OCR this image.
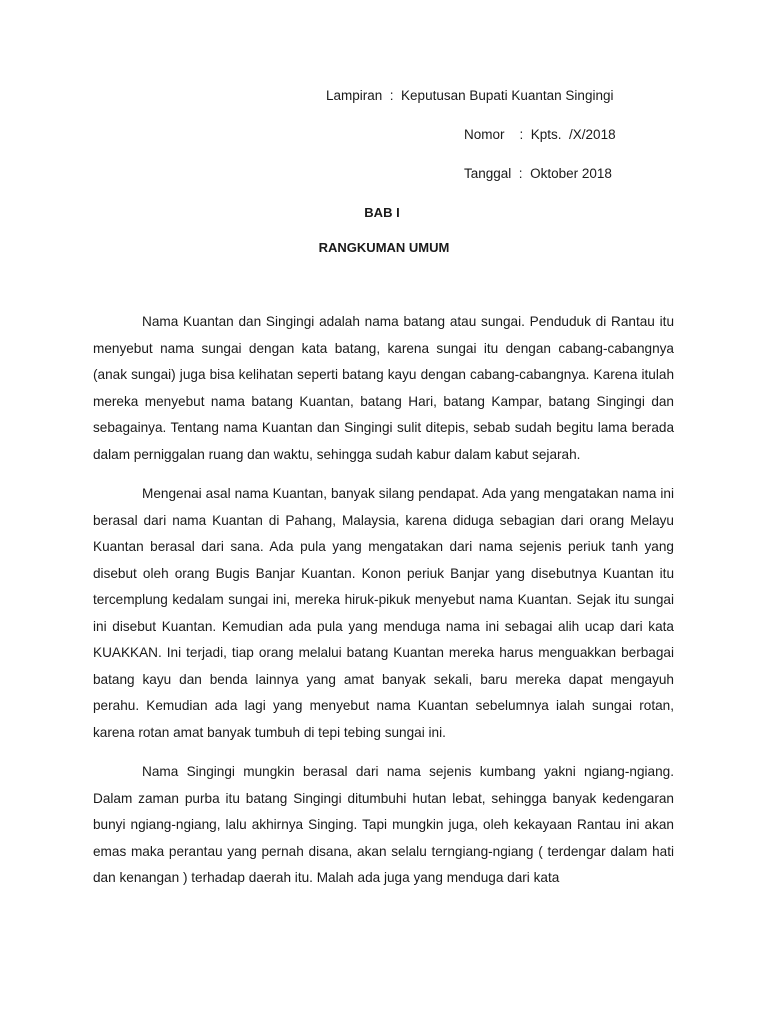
Lampiran  :  Keputusan Bupati Kuantan Singingi
Nomor    :  Kpts.  /X/2018
Tanggal  :  Oktober 2018
BAB I
RANGKUMAN UMUM

Nama Kuantan dan Singingi adalah nama batang atau sungai. Penduduk di Rantau itu menyebut nama sungai dengan kata batang, karena sungai itu dengan cabang-cabangnya (anak sungai) juga bisa kelihatan seperti batang kayu dengan cabang-cabangnya. Karena itulah mereka menyebut nama batang Kuantan, batang Hari, batang Kampar, batang Singingi dan sebagainya. Tentang nama Kuantan dan Singingi sulit ditepis, sebab sudah begitu lama berada dalam perniggalan ruang dan waktu, sehingga sudah kabur dalam kabut sejarah.

Mengenai asal nama Kuantan, banyak silang pendapat. Ada yang mengatakan nama ini berasal dari nama Kuantan di Pahang, Malaysia, karena diduga sebagian dari orang Melayu Kuantan berasal dari sana. Ada pula yang mengatakan dari nama sejenis periuk tanh yang disebut oleh orang Bugis Banjar Kuantan. Konon periuk Banjar yang disebutnya Kuantan itu tercemplung kedalam sungai ini, mereka hiruk-pikuk menyebut nama Kuantan. Sejak itu sungai ini disebut Kuantan. Kemudian ada pula yang menduga nama ini sebagai alih ucap dari kata KUAKKAN. Ini terjadi, tiap orang melalui batang Kuantan mereka harus menguakkan berbagai batang kayu dan benda lainnya yang amat banyak sekali, baru mereka dapat mengayuh perahu. Kemudian ada lagi yang menyebut nama Kuantan sebelumnya ialah sungai rotan, karena rotan amat banyak tumbuh di tepi tebing sungai ini.

Nama Singingi mungkin berasal dari nama sejenis kumbang yakni ngiang-ngiang. Dalam zaman purba itu batang Singingi ditumbuhi hutan lebat, sehingga banyak kedengaran bunyi ngiang-ngiang, lalu akhirnya Singing. Tapi mungkin juga, oleh kekayaan Rantau ini akan emas maka perantau yang pernah disana, akan selalu terngiang-ngiang ( terdengar dalam hati dan kenangan ) terhadap daerah itu. Malah ada juga yang menduga dari kata
